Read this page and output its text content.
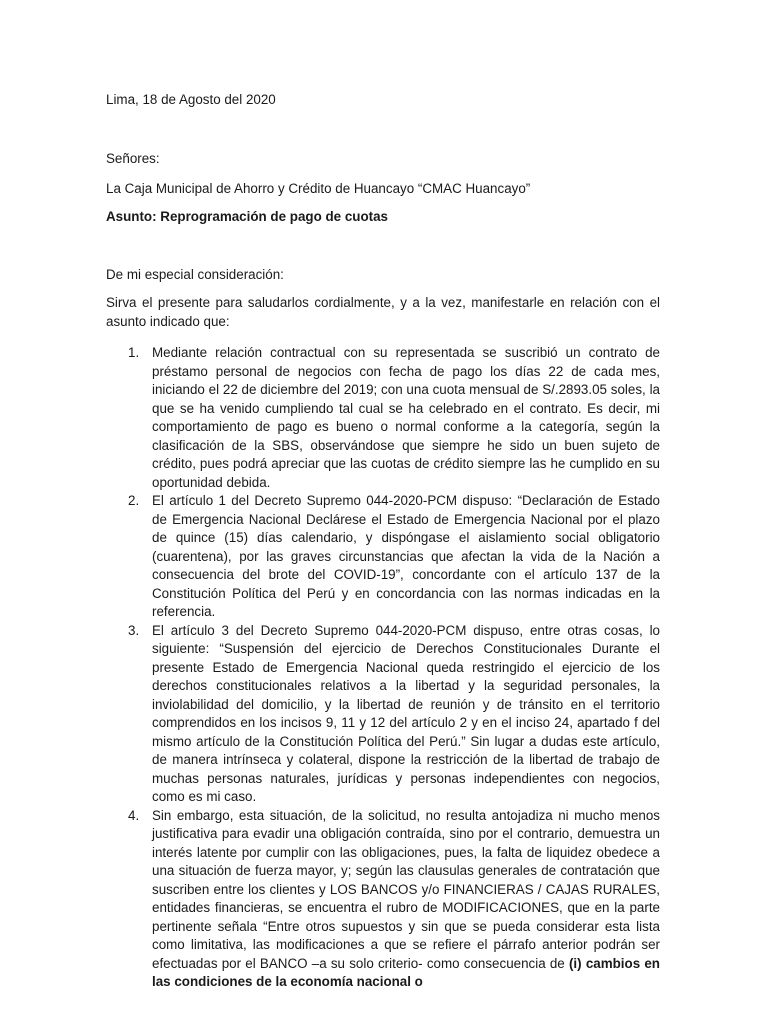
Lima, 18 de Agosto del 2020

Señores:

La Caja Municipal de Ahorro y Crédito de Huancayo “CMAC Huancayo”

Asunto: Reprogramación de pago de cuotas

De mi especial consideración:

Sirva el presente para saludarlos cordialmente, y a la vez, manifestarle en relación con el asunto indicado que:

1. Mediante relación contractual con su representada se suscribió un contrato de préstamo personal de negocios con fecha de pago los días 22 de cada mes, iniciando el 22 de diciembre del 2019; con una cuota mensual de S/.2893.05 soles, la que se ha venido cumpliendo tal cual se ha celebrado en el contrato. Es decir, mi comportamiento de pago es bueno o normal conforme a la categoría, según la clasificación de la SBS, observándose que siempre he sido un buen sujeto de crédito, pues podrá apreciar que las cuotas de crédito siempre las he cumplido en su oportunidad debida.
2. El artículo 1 del Decreto Supremo 044-2020-PCM dispuso: “Declaración de Estado de Emergencia Nacional Declárese el Estado de Emergencia Nacional por el plazo de quince (15) días calendario, y dispóngase el aislamiento social obligatorio (cuarentena), por las graves circunstancias que afectan la vida de la Nación a consecuencia del brote del COVID-19”, concordante con el artículo 137 de la Constitución Política del Perú y en concordancia con las normas indicadas en la referencia.
3. El artículo 3 del Decreto Supremo 044-2020-PCM dispuso, entre otras cosas, lo siguiente: “Suspensión del ejercicio de Derechos Constitucionales Durante el presente Estado de Emergencia Nacional queda restringido el ejercicio de los derechos constitucionales relativos a la libertad y la seguridad personales, la inviolabilidad del domicilio, y la libertad de reunión y de tránsito en el territorio comprendidos en los incisos 9, 11 y 12 del artículo 2 y en el inciso 24, apartado f del mismo artículo de la Constitución Política del Perú.” Sin lugar a dudas este artículo, de manera intrínseca y colateral, dispone la restricción de la libertad de trabajo de muchas personas naturales, jurídicas y personas independientes con negocios, como es mi caso.
4. Sin embargo, esta situación, de la solicitud, no resulta antojadiza ni mucho menos justificativa para evadir una obligación contraída, sino por el contrario, demuestra un interés latente por cumplir con las obligaciones, pues, la falta de liquidez obedece a una situación de fuerza mayor, y; según las clausulas generales de contratación que suscriben entre los clientes y LOS BANCOS y/o FINANCIERAS / CAJAS RURALES, entidades financieras, se encuentra el rubro de MODIFICACIONES, que en la parte pertinente señala “Entre otros supuestos y sin que se pueda considerar esta lista como limitativa, las modificaciones a que se refiere el párrafo anterior podrán ser efectuadas por el BANCO –a su solo criterio- como consecuencia de (i) cambios en las condiciones de la economía nacional o
